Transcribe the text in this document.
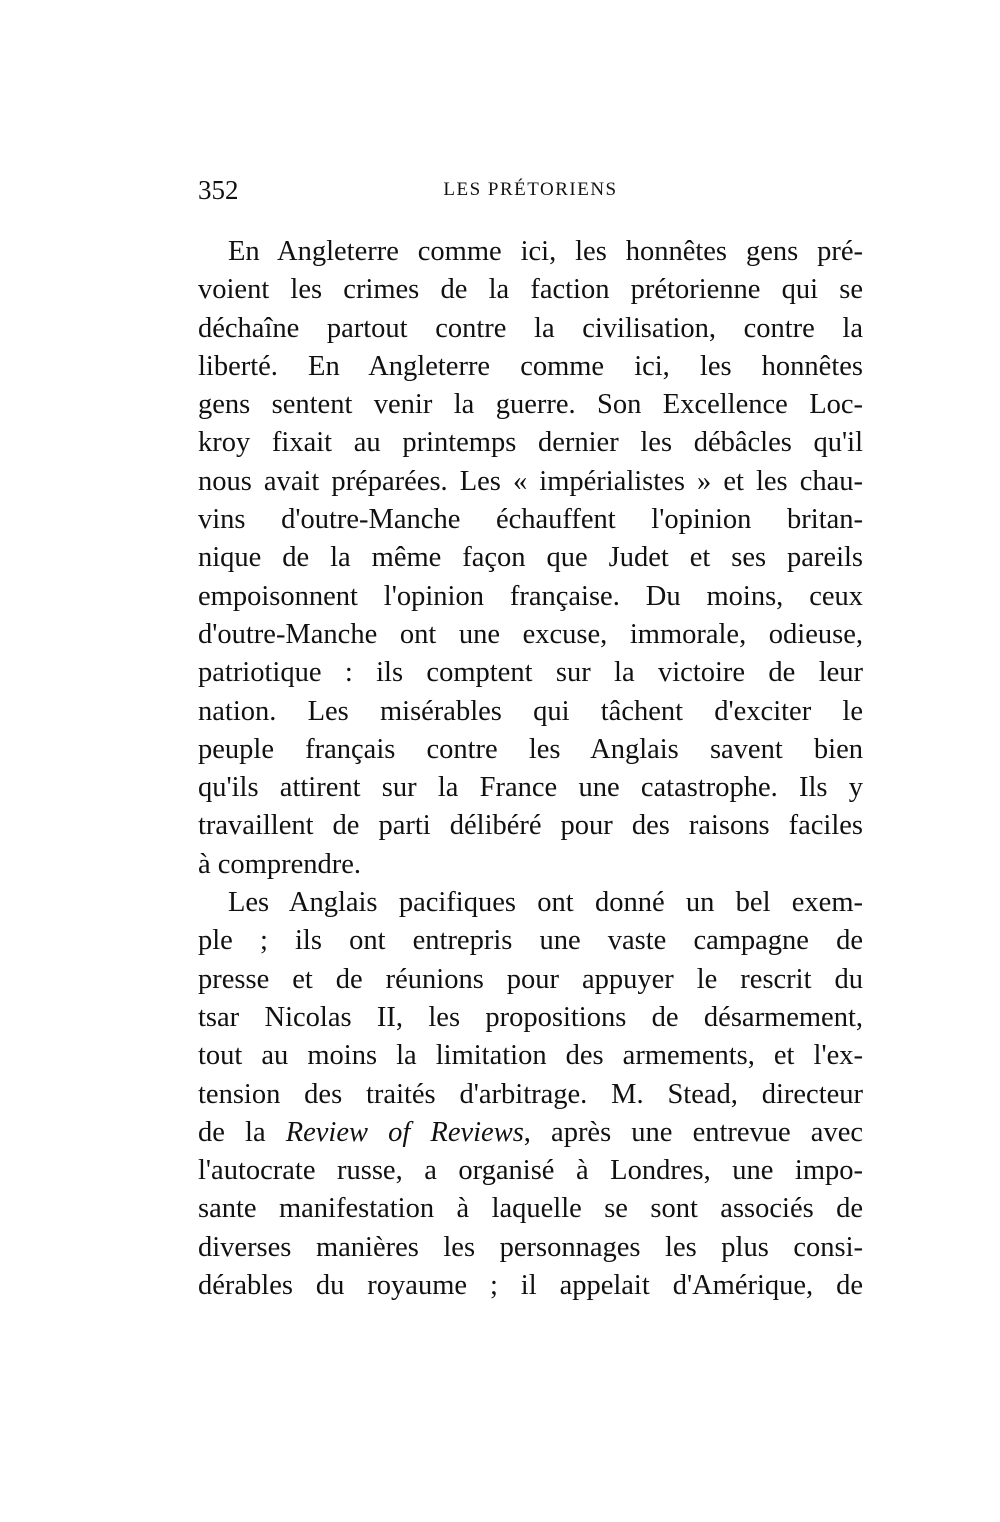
352	LES PRÉTORIENS
En Angleterre comme ici, les honnêtes gens pré-
voient les crimes de la faction prétorienne qui se
déchaîne partout contre la civilisation, contre la
liberté. En Angleterre comme ici, les honnêtes
gens sentent venir la guerre. Son Excellence Loc-
kroy fixait au printemps dernier les débâcles qu'il
nous avait préparées. Les « impérialistes » et les chau-
vins d'outre-Manche échauffent l'opinion britan-
nique de la même façon que Judet et ses pareils
empoisonnent l'opinion française. Du moins, ceux
d'outre-Manche ont une excuse, immorale, odieuse,
patriotique : ils comptent sur la victoire de leur
nation. Les misérables qui tâchent d'exciter le
peuple français contre les Anglais savent bien
qu'ils attirent sur la France une catastrophe. Ils y
travaillent de parti délibéré pour des raisons faciles
à comprendre.
Les Anglais pacifiques ont donné un bel exem-
ple ; ils ont entrepris une vaste campagne de
presse et de réunions pour appuyer le rescrit du
tsar Nicolas II, les propositions de désarmement,
tout au moins la limitation des armements, et l'ex-
tension des traités d'arbitrage. M. Stead, directeur
de la Review of Reviews, après une entrevue avec
l'autocrate russe, a organisé à Londres, une impo-
sante manifestation à laquelle se sont associés de
diverses manières les personnages les plus consi-
dérables du royaume ; il appelait d'Amérique, de
